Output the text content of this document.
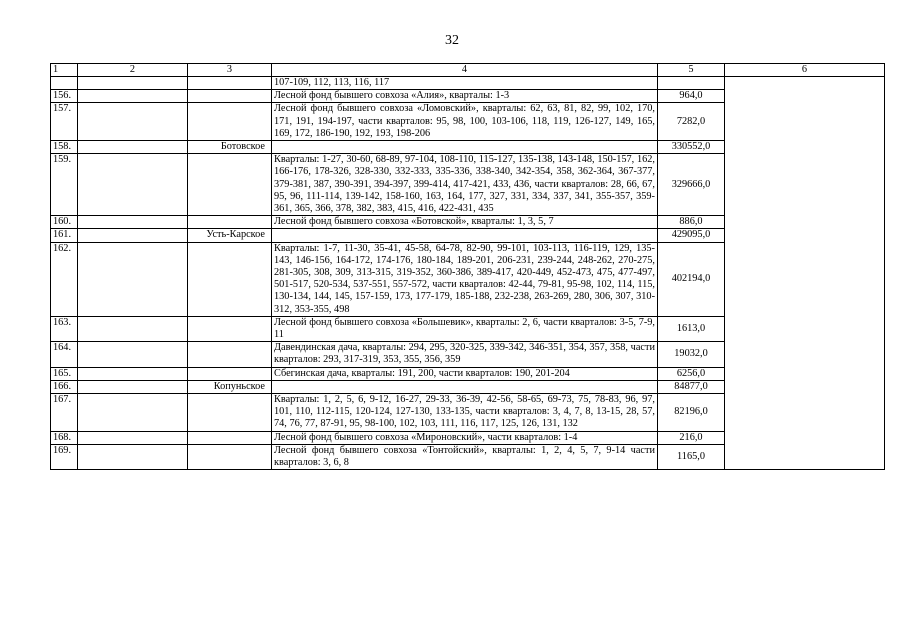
32
1	2	3	4	5	6
			107-109, 112, 113, 116, 117		
156.			Лесной фонд бывшего совхоза «Алия», кварталы: 1-3	964,0	
157.			Лесной фонд бывшего совхоза «Ломовский», кварталы: 62, 63, 81, 82, 99, 102, 170, 171, 191, 194-197, части кварталов: 95, 98, 100, 103-106, 118, 119, 126-127, 149, 165, 169, 172, 186-190, 192, 193, 198-206	7282,0	
158.		Ботовское		330552,0	
159.			Кварталы: 1-27, 30-60, 68-89, 97-104, 108-110, 115-127, 135-138, 143-148, 150-157, 162, 166-176, 178-326, 328-330, 332-333, 335-336, 338-340, 342-354, 358, 362-364, 367-377, 379-381, 387, 390-391, 394-397, 399-414, 417-421, 433, 436, части кварталов: 28, 66, 67, 95, 96, 111-114, 139-142, 158-160, 163, 164, 177, 327, 331, 334, 337, 341, 355-357, 359-361, 365, 366, 378, 382, 383, 415, 416, 422-431, 435	329666,0	
160.			Лесной фонд бывшего совхоза «Ботовской», кварталы: 1, 3, 5, 7	886,0	
161.		Усть-Карское		429095,0	
162.			Кварталы: 1-7, 11-30, 35-41, 45-58, 64-78, 82-90, 99-101, 103-113, 116-119, 129, 135-143, 146-156, 164-172, 174-176, 180-184, 189-201, 206-231, 239-244, 248-262, 270-275, 281-305, 308, 309, 313-315, 319-352, 360-386, 389-417, 420-449, 452-473, 475, 477-497, 501-517, 520-534, 537-551, 557-572, части кварталов: 42-44, 79-81, 95-98, 102, 114, 115, 130-134, 144, 145, 157-159, 173, 177-179, 185-188, 232-238, 263-269, 280, 306, 307, 310-312, 353-355, 498	402194,0	
163.			Лесной фонд бывшего совхоза «Большевик», кварталы: 2, 6, части кварталов: 3-5, 7-9, 11	1613,0	
164.			Давендинская дача, кварталы: 294, 295, 320-325, 339-342, 346-351, 354, 357, 358, части кварталов: 293, 317-319, 353, 355, 356, 359	19032,0	
165.			Сбегинская дача, кварталы: 191, 200, части кварталов: 190, 201-204	6256,0	
166.		Копуньское		84877,0	
167.			Кварталы: 1, 2, 5, 6, 9-12, 16-27, 29-33, 36-39, 42-56, 58-65, 69-73, 75, 78-83, 96, 97, 101, 110, 112-115, 120-124, 127-130, 133-135, части кварталов: 3, 4, 7, 8, 13-15, 28, 57, 74, 76, 77, 87-91, 95, 98-100, 102, 103, 111, 116, 117, 125, 126, 131, 132	82196,0	
168.			Лесной фонд бывшего совхоза «Мироновский», части кварталов: 1-4	216,0	
169.			Лесной фонд бывшего совхоза «Тонтойский», кварталы: 1, 2, 4, 5, 7, 9-14 части кварталов: 3, 6, 8	1165,0	
